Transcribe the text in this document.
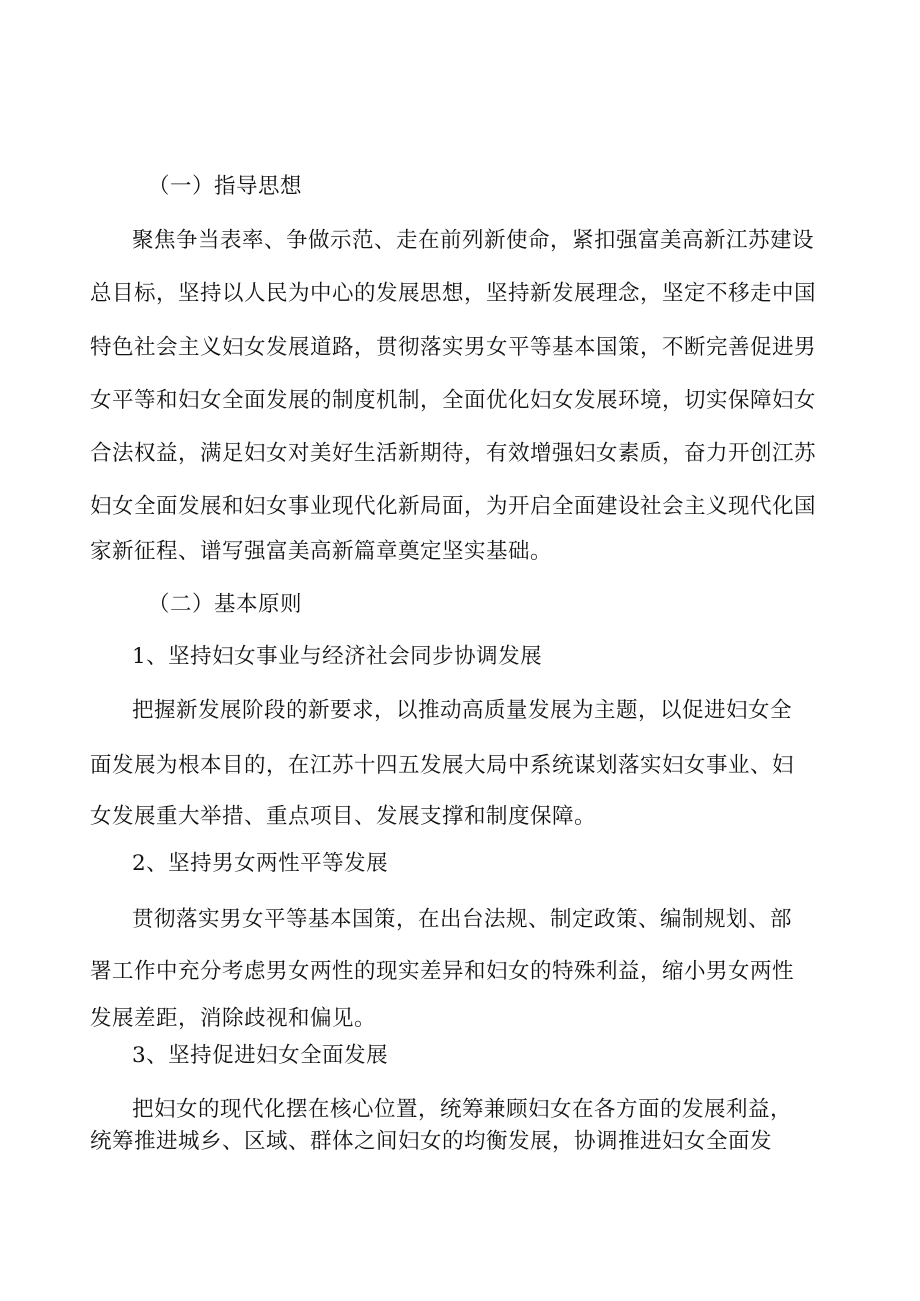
（一）指导思想
聚焦争当表率、争做示范、走在前列新使命，紧扣强富美高新江苏建设
总目标，坚持以人民为中心的发展思想，坚持新发展理念，坚定不移走中国
特色社会主义妇女发展道路，贯彻落实男女平等基本国策，不断完善促进男
女平等和妇女全面发展的制度机制，全面优化妇女发展环境，切实保障妇女
合法权益，满足妇女对美好生活新期待，有效增强妇女素质，奋力开创江苏
妇女全面发展和妇女事业现代化新局面，为开启全面建设社会主义现代化国
家新征程、谱写强富美高新篇章奠定坚实基础。
（二）基本原则
1、坚持妇女事业与经济社会同步协调发展
把握新发展阶段的新要求，以推动高质量发展为主题，以促进妇女全
面发展为根本目的，在江苏十四五发展大局中系统谋划落实妇女事业、妇
女发展重大举措、重点项目、发展支撑和制度保障。
2、坚持男女两性平等发展
贯彻落实男女平等基本国策，在出台法规、制定政策、编制规划、部
署工作中充分考虑男女两性的现实差异和妇女的特殊利益，缩小男女两性
发展差距，消除歧视和偏见。
3、坚持促进妇女全面发展
把妇女的现代化摆在核心位置，统筹兼顾妇女在各方面的发展利益，
统筹推进城乡、区域、群体之间妇女的均衡发展，协调推进妇女全面发
